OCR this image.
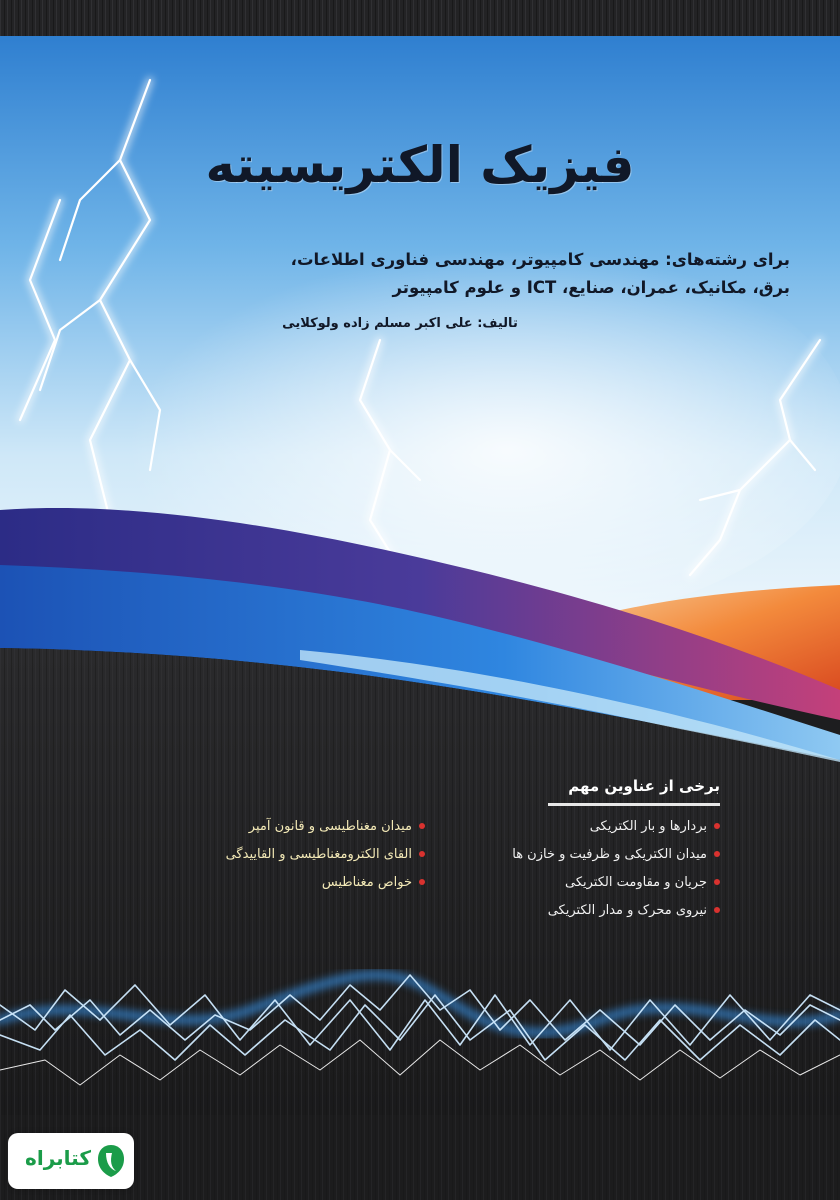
فیزیک الکتریسیته
برای رشته‌های: مهندسی کامپیوتر، مهندسی فناوری اطلاعات،
برق، مکانیک، عمران، صنایع، ICT و علوم کامپیوتر
تالیف: علی اکبر مسلم زاده ولوکلایی
برخی از عناوین مهم
بردارها و بار الکتریکی
میدان الکتریکی و ظرفیت و خازن ها
جریان و مقاومت الکتریکی
نیروی محرک و مدار الکتریکی
میدان مغناطیسی و قانون آمپر
القای الکترومغناطیسی و القاییدگی
خواص مغناطیس
کتابراه
